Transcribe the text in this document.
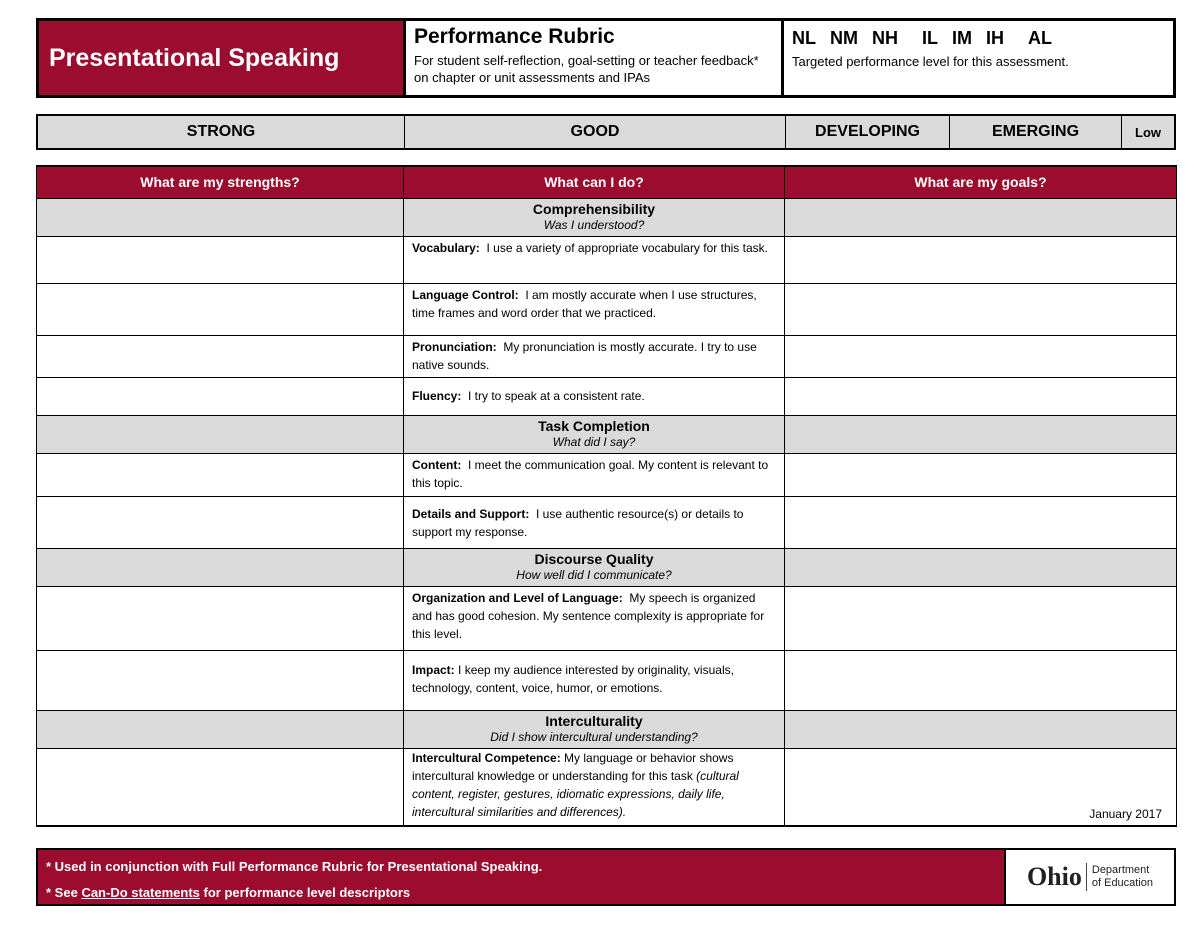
Presentational Speaking
Performance Rubric
For student self-reflection, goal-setting or teacher feedback* on chapter or unit assessments and IPAs
NL NM NH IL IM IH AL
Targeted performance level for this assessment.
STRONG	GOOD	DEVELOPING	EMERGING	Low
What are my strengths?	What can I do?	What are my goals?

	Comprehensibility
Was I understood?	

	Vocabulary: I use a variety of appropriate vocabulary for this task.	
	Language Control: I am mostly accurate when I use structures, time frames and word order that we practiced.	
	Pronunciation: My pronunciation is mostly accurate. I try to use native sounds.	
	Fluency: I try to speak at a consistent rate.	

	Task Completion
What did I say?	

	Content: I meet the communication goal. My content is relevant to this topic.	
	Details and Support: I use authentic resource(s) or details to support my response.	

	Discourse Quality
How well did I communicate?	

	Organization and Level of Language: My speech is organized and has good cohesion. My sentence complexity is appropriate for this level.	
	Impact: I keep my audience interested by originality, visuals, technology, content, voice, humor, or emotions.	

	Interculturality
Did I show intercultural understanding?	

	Intercultural Competence: My language or behavior shows intercultural knowledge or understanding for this task (cultural content, register, gestures, idiomatic expressions, daily life, intercultural similarities and differences).	January 2017
* Used in conjunction with Full Performance Rubric for Presentational Speaking.
* See Can-Do statements for performance level descriptors
Ohio Department
of Education
